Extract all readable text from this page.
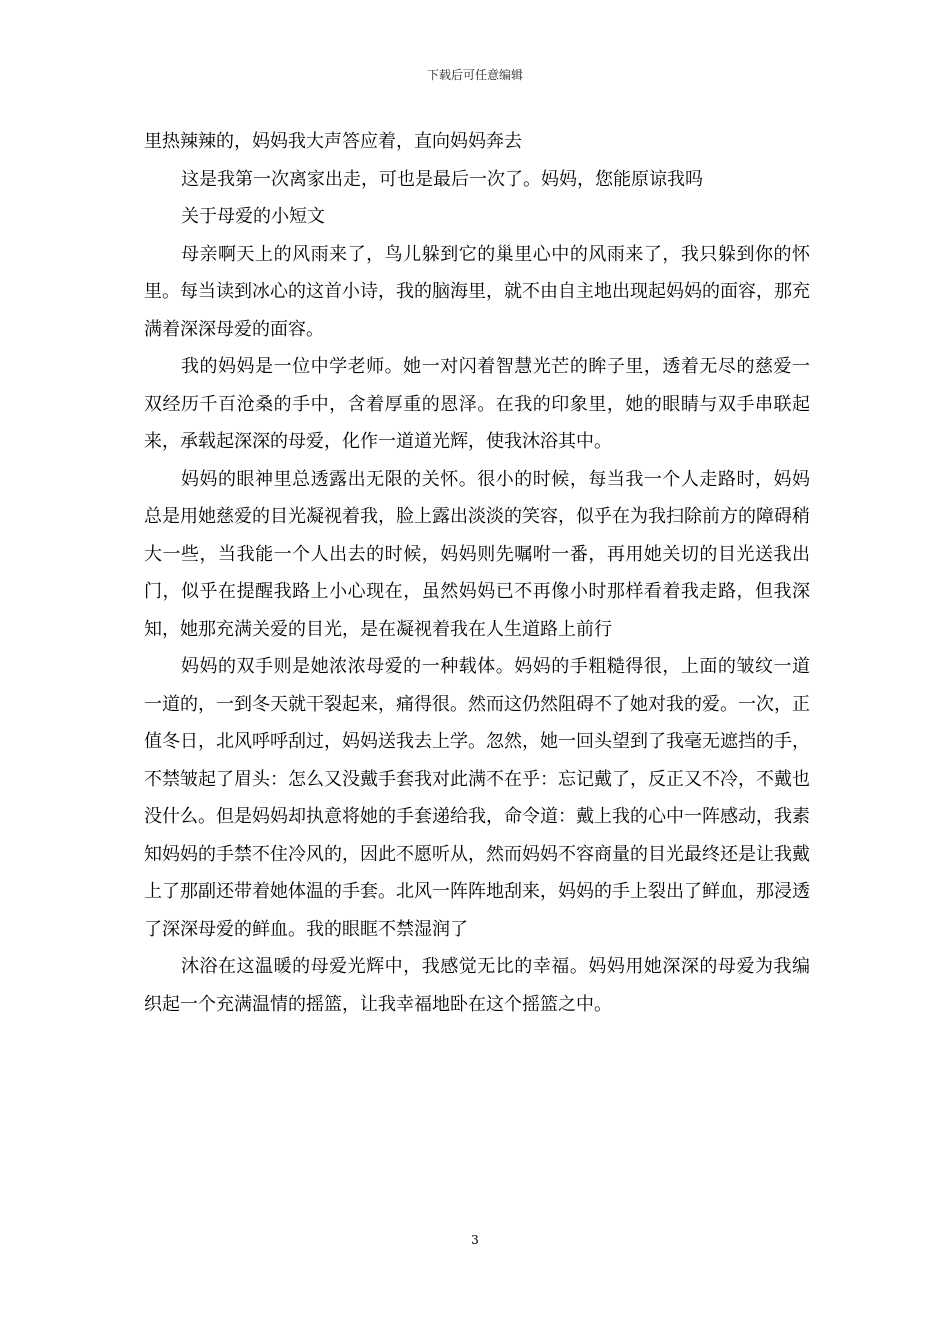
下载后可任意编辑

里热辣辣的，妈妈我大声答应着，直向妈妈奔去

这是我第一次离家出走，可也是最后一次了。妈妈，您能原谅我吗

关于母爱的小短文

母亲啊天上的风雨来了，鸟儿躲到它的巢里心中的风雨来了，我只躲到你的怀里。每当读到冰心的这首小诗，我的脑海里，就不由自主地出现起妈妈的面容，那充满着深深母爱的面容。

我的妈妈是一位中学老师。她一对闪着智慧光芒的眸子里，透着无尽的慈爱一双经历千百沧桑的手中，含着厚重的恩泽。在我的印象里，她的眼睛与双手串联起来，承载起深深的母爱，化作一道道光辉，使我沐浴其中。

妈妈的眼神里总透露出无限的关怀。很小的时候，每当我一个人走路时，妈妈总是用她慈爱的目光凝视着我，脸上露出淡淡的笑容，似乎在为我扫除前方的障碍稍大一些，当我能一个人出去的时候，妈妈则先嘱咐一番，再用她关切的目光送我出门，似乎在提醒我路上小心现在，虽然妈妈已不再像小时那样看着我走路，但我深知，她那充满关爱的目光，是在凝视着我在人生道路上前行

妈妈的双手则是她浓浓母爱的一种载体。妈妈的手粗糙得很，上面的皱纹一道一道的，一到冬天就干裂起来，痛得很。然而这仍然阻碍不了她对我的爱。一次，正值冬日，北风呼呼刮过，妈妈送我去上学。忽然，她一回头望到了我毫无遮挡的手，不禁皱起了眉头：怎么又没戴手套我对此满不在乎：忘记戴了，反正又不冷，不戴也没什么。但是妈妈却执意将她的手套递给我，命令道：戴上我的心中一阵感动，我素知妈妈的手禁不住冷风的，因此不愿听从，然而妈妈不容商量的目光最终还是让我戴上了那副还带着她体温的手套。北风一阵阵地刮来，妈妈的手上裂出了鲜血，那浸透了深深母爱的鲜血。我的眼眶不禁湿润了

沐浴在这温暖的母爱光辉中，我感觉无比的幸福。妈妈用她深深的母爱为我编织起一个充满温情的摇篮，让我幸福地卧在这个摇篮之中。

3
